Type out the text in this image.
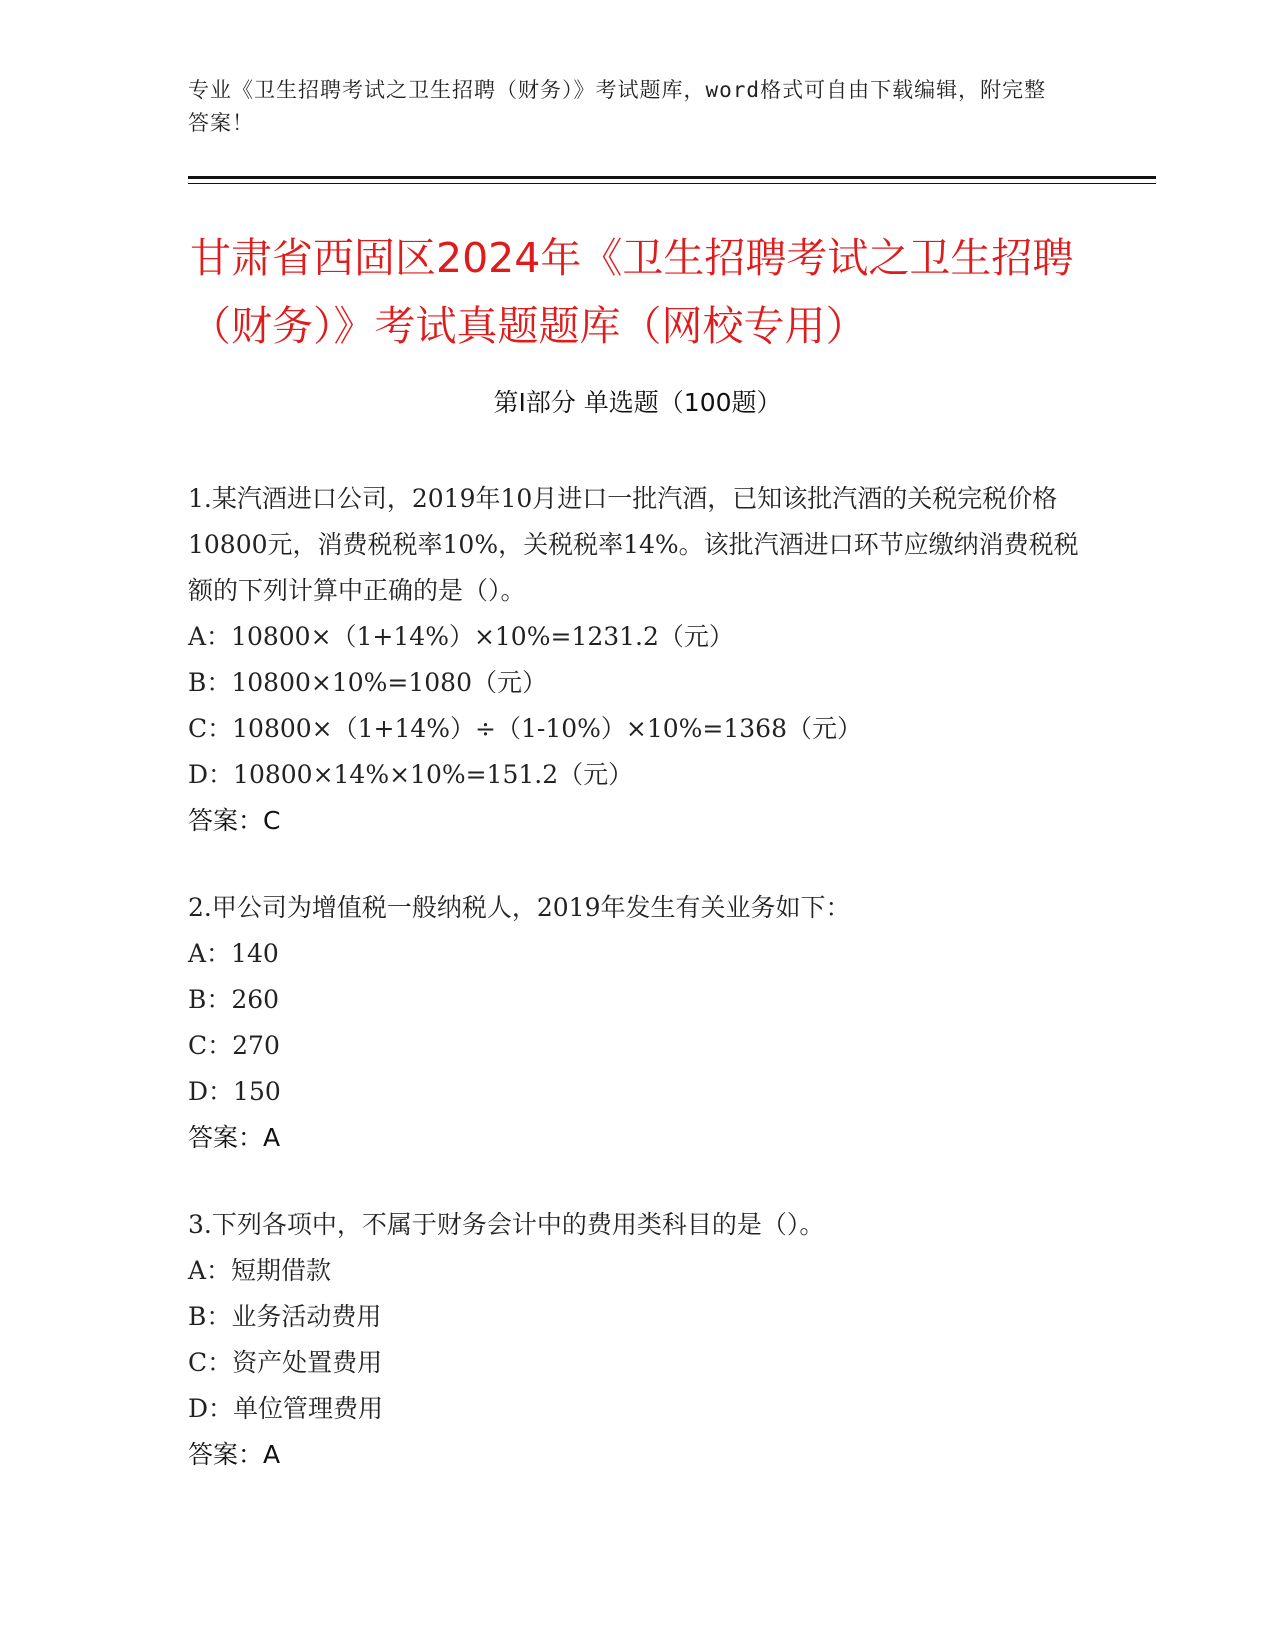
专业《卫生招聘考试之卫生招聘（财务）》考试题库，word格式可自由下载编辑，附完整答案！
甘肃省西固区2024年《卫生招聘考试之卫生招聘（财务）》考试真题题库（网校专用）
第I部分 单选题（100题）

1.某汽酒进口公司，2019年10月进口一批汽酒，已知该批汽酒的关税完税价格10800元，消费税税率10%，关税税率14%。该批汽酒进口环节应缴纳消费税税额的下列计算中正确的是（）。

A：10800×（1+14%）×10%=1231.2（元）

B：10800×10%=1080（元）

C：10800×（1+14%）÷（1-10%）×10%=1368（元）

D：10800×14%×10%=151.2（元）

答案：C

2.甲公司为增值税一般纳税人，2019年发生有关业务如下：

A：140

B：260

C：270

D：150

答案：A

3.下列各项中，不属于财务会计中的费用类科目的是（）。

A：短期借款

B：业务活动费用

C：资产处置费用

D：单位管理费用

答案：A
